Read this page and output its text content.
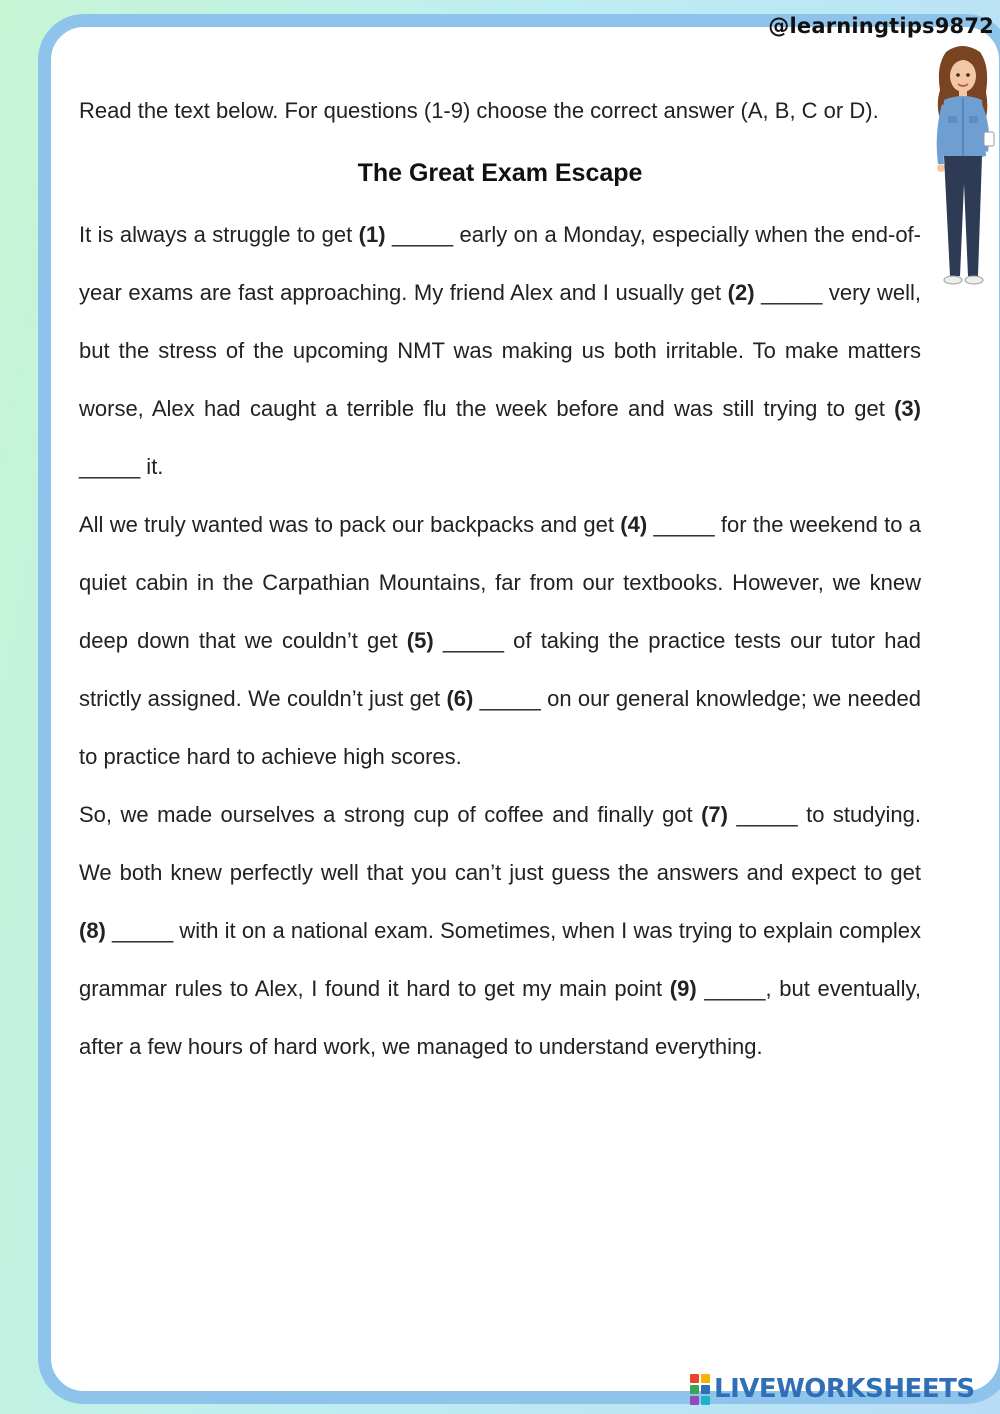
@learningtips9872

Read the text below. For questions (1-9) choose the correct answer (A, B, C or D).

The Great Exam Escape

It is always a struggle to get (1) _____ early on a Monday, especially when the end-of-year exams are fast approaching. My friend Alex and I usually get (2) _____ very well, but the stress of the upcoming NMT was making us both irritable. To make matters worse, Alex had caught a terrible flu the week before and was still trying to get (3) _____ it.

All we truly wanted was to pack our backpacks and get (4) _____ for the weekend to a quiet cabin in the Carpathian Mountains, far from our textbooks. However, we knew deep down that we couldn’t get (5) _____ of taking the practice tests our tutor had strictly assigned. We couldn’t just get (6) _____ on our general knowledge; we needed to practice hard to achieve high scores.

So, we made ourselves a strong cup of coffee and finally got (7) _____ to studying. We both knew perfectly well that you can’t just guess the answers and expect to get (8) _____ with it on a national exam. Sometimes, when I was trying to explain complex grammar rules to Alex, I found it hard to get my main point (9) _____, but eventually, after a few hours of hard work, we managed to understand everything.

LIVEWORKSHEETS
